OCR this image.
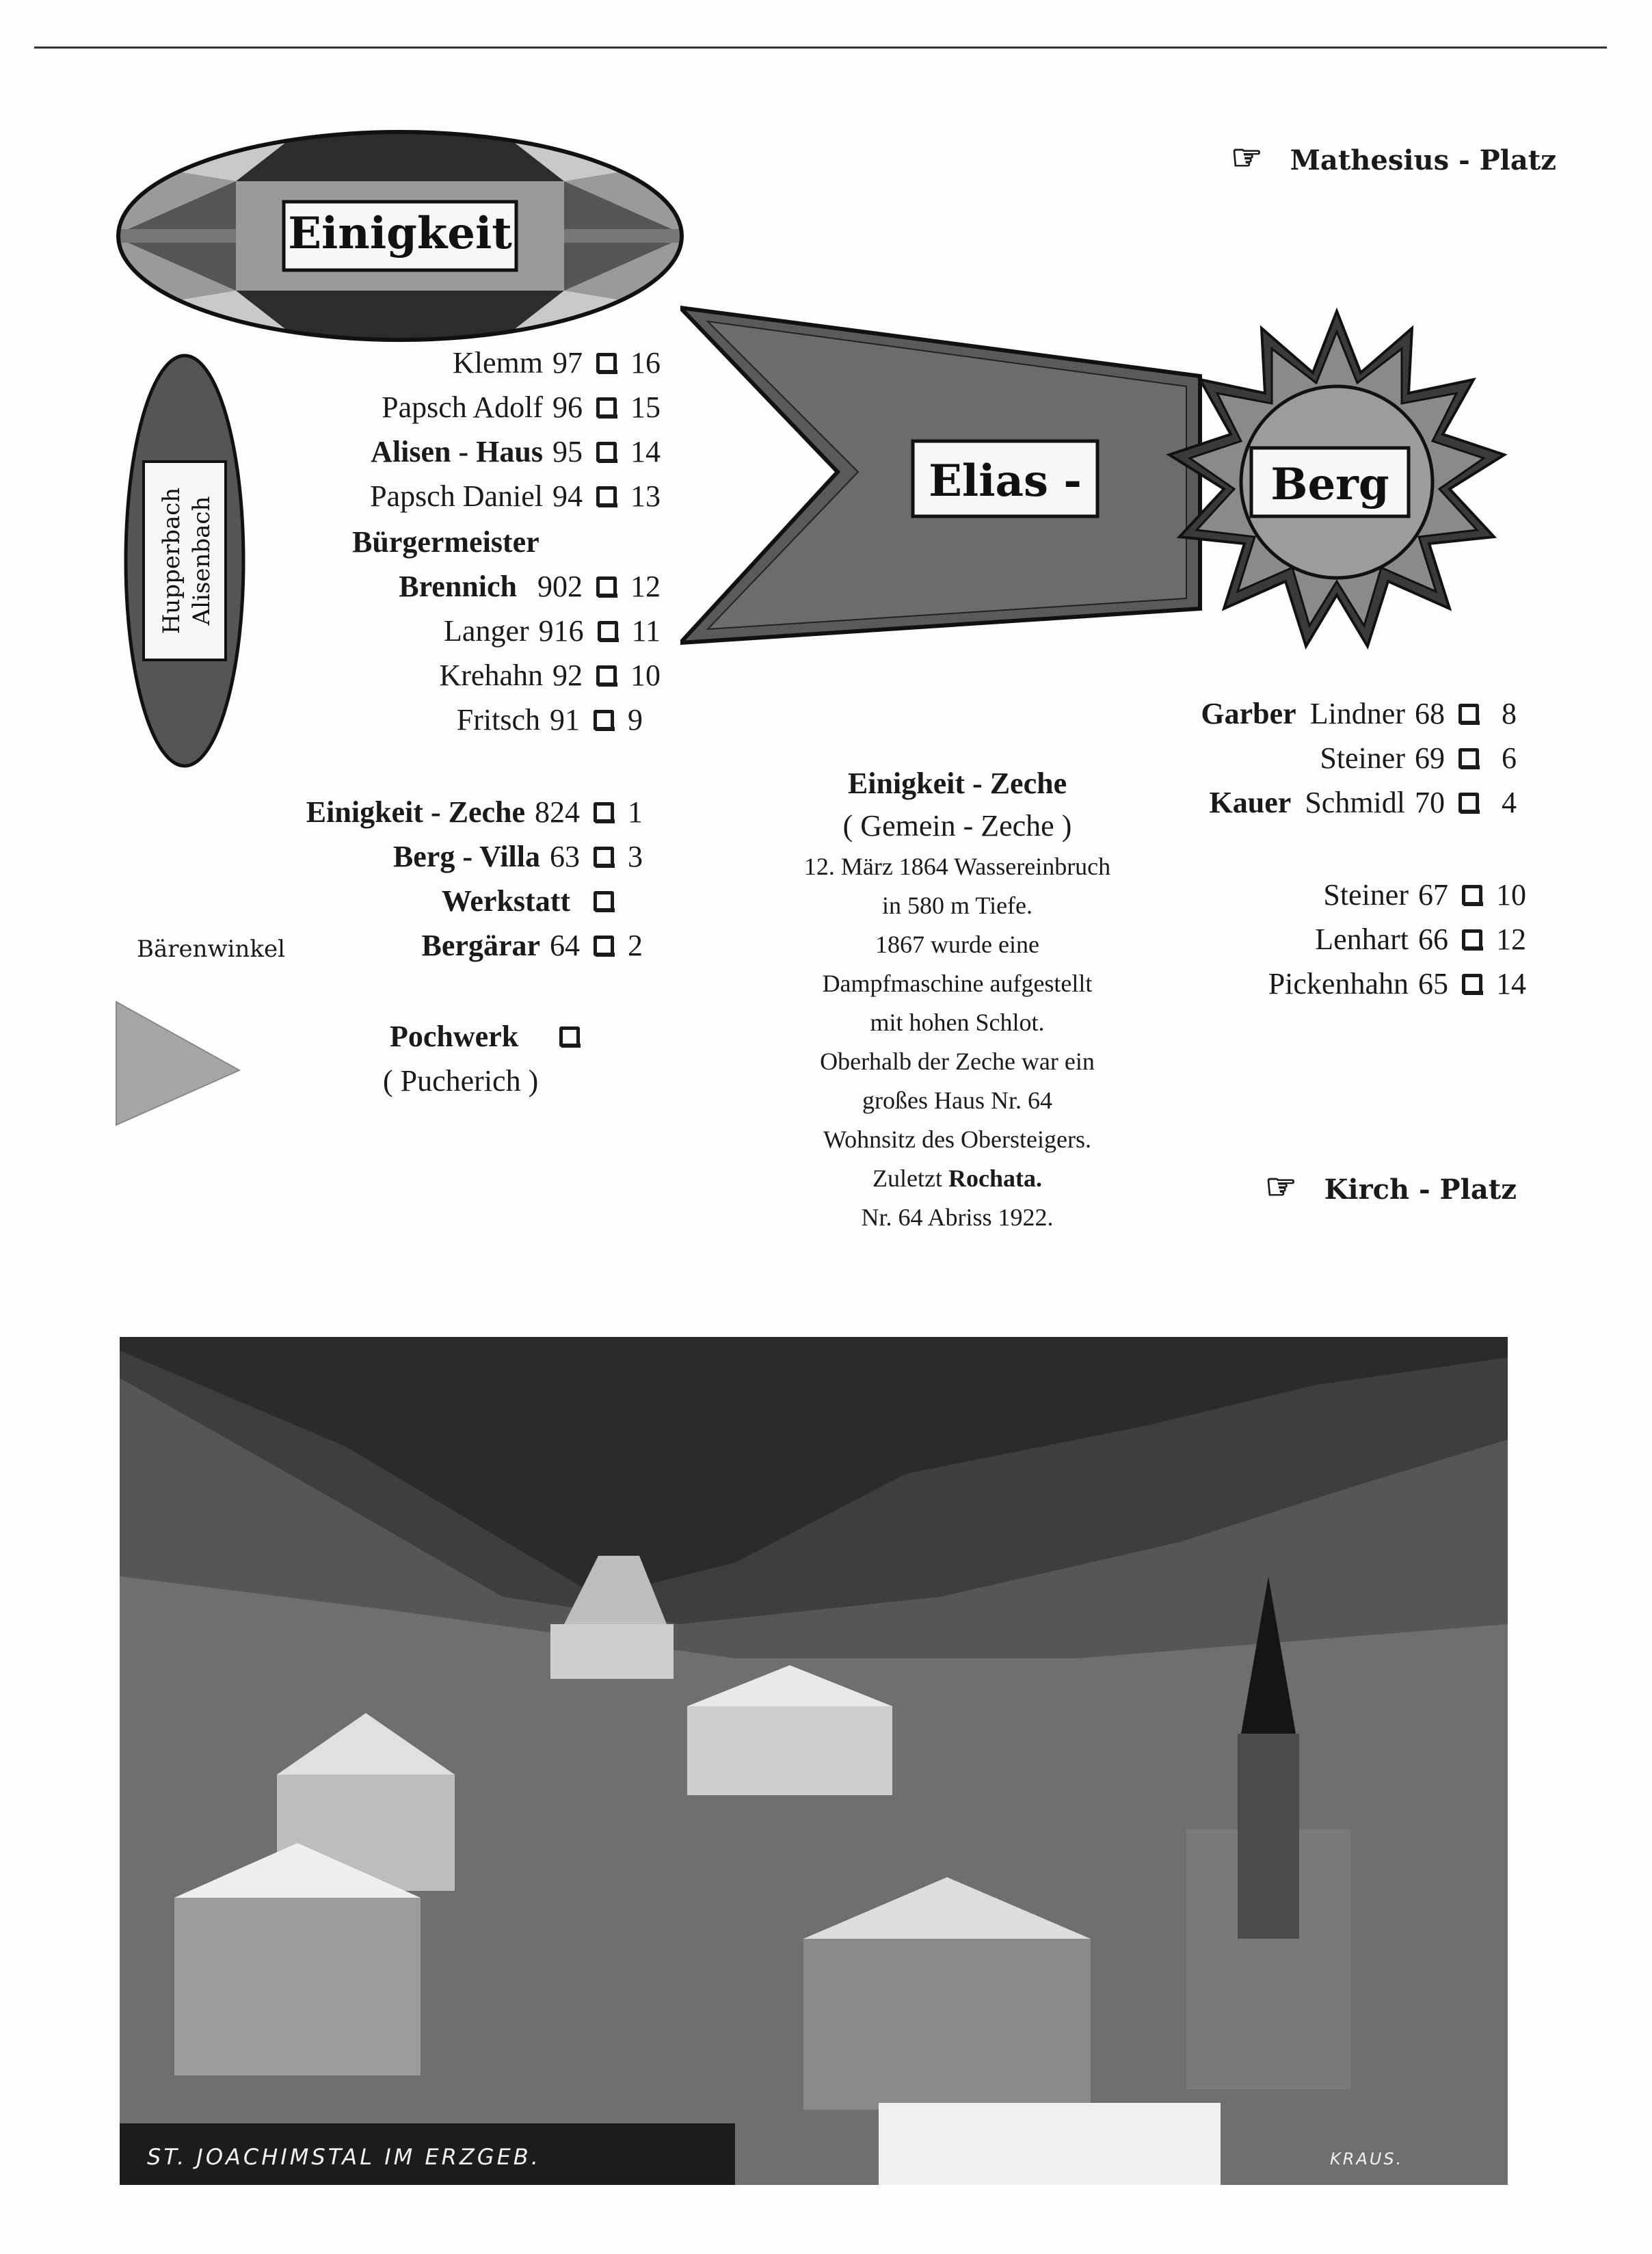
☞ Mathesius - Platz
Einigkeit
Hupperbach Alisenbach
Elias -	Berg
Klemm 97 16
Papsch Adolf 96 15
Alisen - Haus 95 14
Papsch Daniel 94 13
Bürgermeister
Brennich 902 12
Langer 916 11
Krehahn 92 10
Fritsch 91 9
Einigkeit - Zeche 824 1
Berg - Villa 63 3
Werkstatt
Bergärar 64 2
Pochwerk
( Pucherich )
Bärenwinkel
Einigkeit - Zeche
( Gemein - Zeche )
12. März 1864 Wassereinbruch
in 580 m Tiefe.
1867 wurde eine
Dampfmaschine aufgestellt
mit hohen Schlot.
Oberhalb der Zeche war ein
großes Haus Nr. 64
Wohnsitz des Obersteigers.
Zuletzt Rochata.
Nr. 64 Abriss 1922.
Garber Lindner 68 8
Steiner 69 6
Kauer Schmidl 70 4
Steiner 67 10
Lenhart 66 12
Pickenhahn 65 14
☞ Kirch - Platz
ST. JOACHIMSTAL IM ERZGEB.	KRAUS.
